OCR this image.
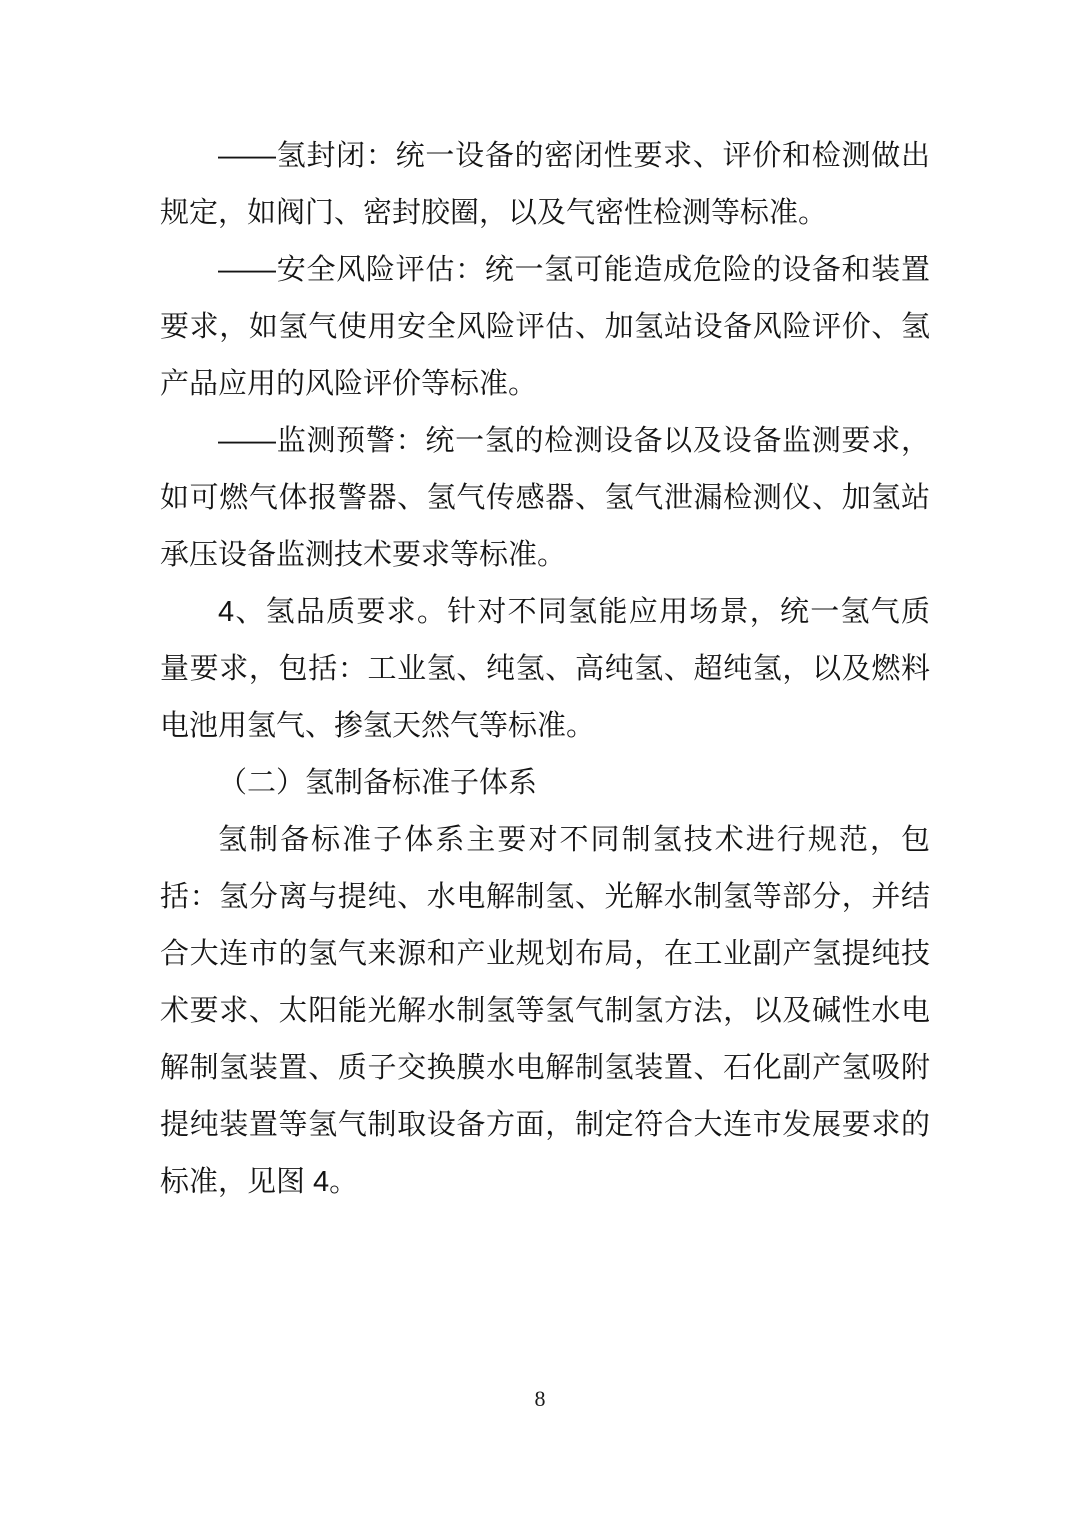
——氢封闭：统一设备的密闭性要求、评价和检测做出
规定，如阀门、密封胶圈，以及气密性检测等标准。
——安全风险评估：统一氢可能造成危险的设备和装置
要求，如氢气使用安全风险评估、加氢站设备风险评价、氢
产品应用的风险评价等标准。
——监测预警：统一氢的检测设备以及设备监测要求，
如可燃气体报警器、氢气传感器、氢气泄漏检测仪、加氢站
承压设备监测技术要求等标准。
4、氢品质要求。针对不同氢能应用场景，统一氢气质
量要求，包括：工业氢、纯氢、高纯氢、超纯氢，以及燃料
电池用氢气、掺氢天然气等标准。
（二）氢制备标准子体系
氢制备标准子体系主要对不同制氢技术进行规范，包
括：氢分离与提纯、水电解制氢、光解水制氢等部分，并结
合大连市的氢气来源和产业规划布局，在工业副产氢提纯技
术要求、太阳能光解水制氢等氢气制氢方法，以及碱性水电
解制氢装置、质子交换膜水电解制氢装置、石化副产氢吸附
提纯装置等氢气制取设备方面，制定符合大连市发展要求的
标准，见图 4。
8
